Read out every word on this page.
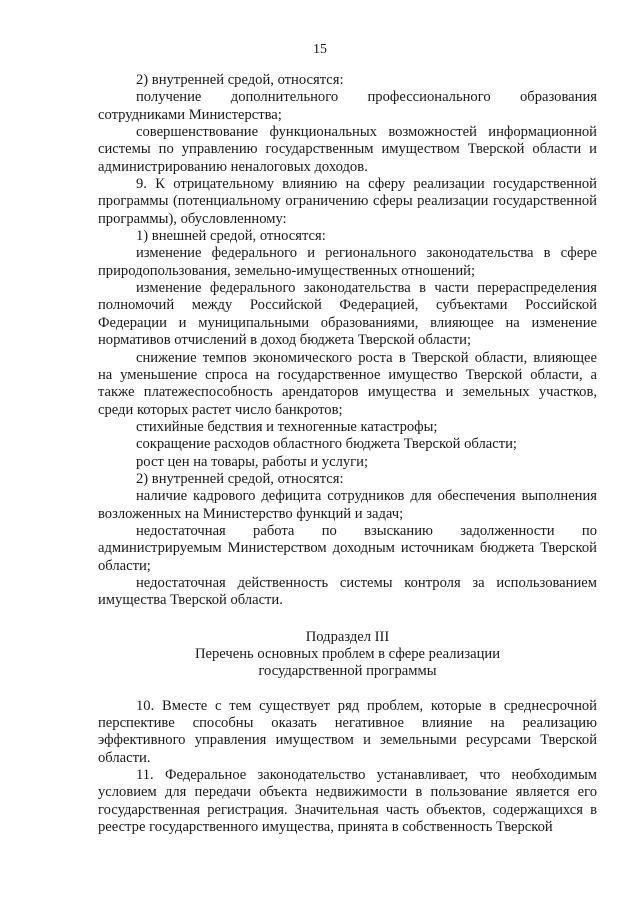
15

2) внутренней средой, относятся:

получение дополнительного профессионального образования сотрудниками Министерства;

совершенствование функциональных возможностей информационной системы по управлению государственным имуществом Тверской области и администрированию неналоговых доходов.

9. К отрицательному влиянию на сферу реализации государственной программы (потенциальному ограничению сферы реализации государственной программы), обусловленному:

1) внешней средой, относятся:

изменение федерального и регионального законодательства в сфере природопользования, земельно-имущественных отношений;

изменение федерального законодательства в части перераспределения полномочий между Российской Федерацией, субъектами Российской Федерации и муниципальными образованиями, влияющее на изменение нормативов отчислений в доход бюджета Тверской области;

снижение темпов экономического роста в Тверской области, влияющее на уменьшение спроса на государственное имущество Тверской области, а также платежеспособность арендаторов имущества и земельных участков, среди которых растет число банкротов;

стихийные бедствия и техногенные катастрофы;

сокращение расходов областного бюджета Тверской области;

рост цен на товары, работы и услуги;

2) внутренней средой, относятся:

наличие кадрового дефицита сотрудников для обеспечения выполнения возложенных на Министерство функций и задач;

недостаточная работа по взысканию задолженности по администрируемым Министерством доходным источникам бюджета Тверской области;

недостаточная действенность системы контроля за использованием имущества Тверской области.

Подраздел III

Перечень основных проблем в сфере реализации

государственной программы

10. Вместе с тем существует ряд проблем, которые в среднесрочной перспективе способны оказать негативное влияние на реализацию эффективного управления имуществом и земельными ресурсами Тверской области.

11. Федеральное законодательство устанавливает, что необходимым условием для передачи объекта недвижимости в пользование является его государственная регистрация. Значительная часть объектов, содержащихся в реестре государственного имущества, принята в собственность Тверской
